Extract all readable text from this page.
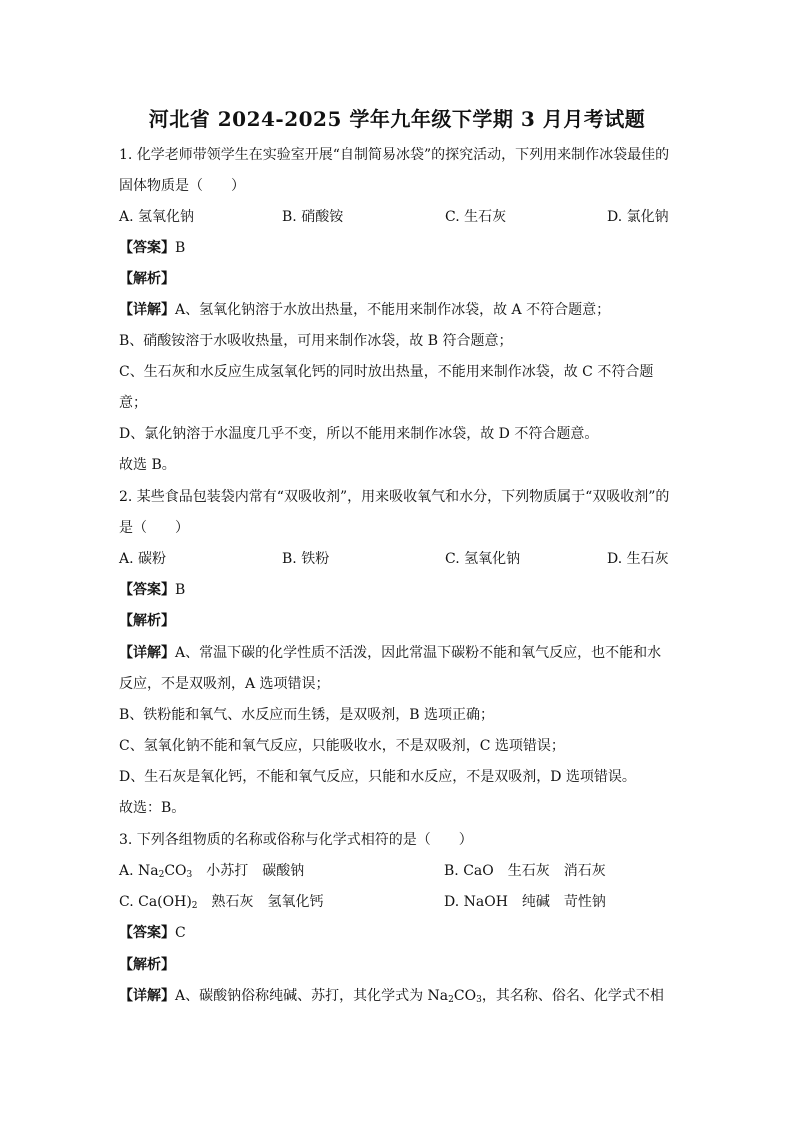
河北省 2024-2025 学年九年级下学期 3 月月考试题
1. 化学老师带领学生在实验室开展“自制简易冰袋”的探究活动，下列用来制作冰袋最佳的
固体物质是（　　）
A. 氢氧化钠	B. 硝酸铵	C. 生石灰	D. 氯化钠
【答案】B
【解析】
【详解】A、氢氧化钠溶于水放出热量，不能用来制作冰袋，故 A 不符合题意；
B、硝酸铵溶于水吸收热量，可用来制作冰袋，故 B 符合题意；
C、生石灰和水反应生成氢氧化钙的同时放出热量，不能用来制作冰袋，故 C 不符合题
意；
D、氯化钠溶于水温度几乎不变，所以不能用来制作冰袋，故 D 不符合题意。
故选 B。
2. 某些食品包装袋内常有“双吸收剂”，用来吸收氧气和水分，下列物质属于“双吸收剂”的
是（　　）
A. 碳粉	B. 铁粉	C. 氢氧化钠	D. 生石灰
【答案】B
【解析】
【详解】A、常温下碳的化学性质不活泼，因此常温下碳粉不能和氧气反应，也不能和水
反应，不是双吸剂，A 选项错误；
B、铁粉能和氧气、水反应而生锈，是双吸剂，B 选项正确；
C、氢氧化钠不能和氧气反应，只能吸收水，不是双吸剂，C 选项错误；
D、生石灰是氧化钙，不能和氧气反应，只能和水反应，不是双吸剂，D 选项错误。
故选：B。
3. 下列各组物质的名称或俗称与化学式相符的是（　　）
A. $Na_2CO_3$　小苏打　碳酸钠	B. CaO　生石灰　消石灰
C. $Ca(OH)_2$　熟石灰　氢氧化钙	D. NaOH　纯碱　苛性钠
【答案】C
【解析】
【详解】A、碳酸钠俗称纯碱、苏打，其化学式为 $Na_2CO_3$，其名称、俗名、化学式不相
